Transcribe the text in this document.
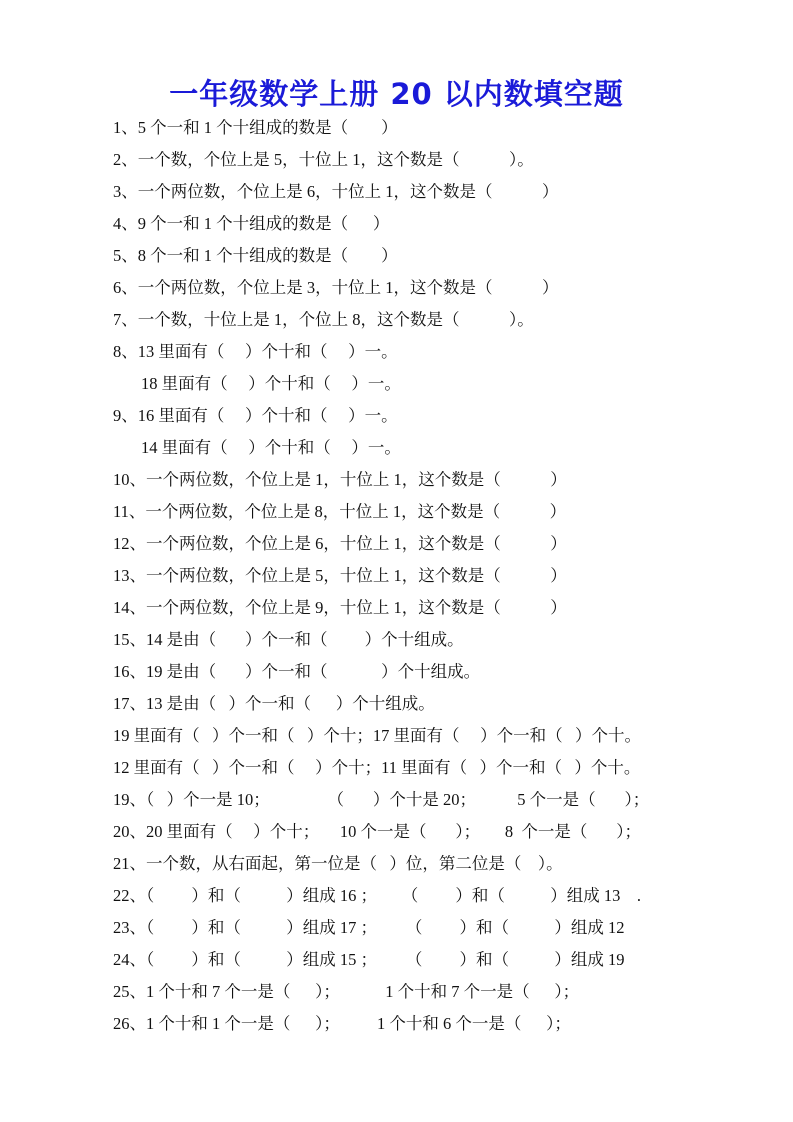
一年级数学上册 20 以内数填空题
1、5 个一和 1 个十组成的数是（        ）
2、一个数，个位上是 5，十位上 1，这个数是（            ）。
3、一个两位数，个位上是 6，十位上 1，这个数是（            ）
4、9 个一和 1 个十组成的数是（      ）
5、8 个一和 1 个十组成的数是（        ）
6、一个两位数，个位上是 3，十位上 1，这个数是（            ）
7、一个数，十位上是 1，个位上 8，这个数是（            ）。
8、13 里面有（     ）个十和（     ）一。
18 里面有（     ）个十和（     ）一。
9、16 里面有（     ）个十和（     ）一。
14 里面有（     ）个十和（     ）一。
10、一个两位数，个位上是 1，十位上 1，这个数是（            ）
11、一个两位数，个位上是 8，十位上 1，这个数是（            ）
12、一个两位数，个位上是 6，十位上 1，这个数是（            ）
13、一个两位数，个位上是 5，十位上 1，这个数是（            ）
14、一个两位数，个位上是 9，十位上 1，这个数是（            ）
15、14 是由（       ）个一和（         ）个十组成。
16、19 是由（       ）个一和（             ）个十组成。
17、13 是由（   ）个一和（      ）个十组成。
19 里面有（   ）个一和（   ）个十；17 里面有（     ）个一和（   ）个十。
12 里面有（   ）个一和（     ）个十；11 里面有（   ）个一和（   ）个十。
19、（   ）个一是 10；              （       ）个十是 20；          5 个一是（       ）；
20、20 里面有（     ）个十；     10 个一是（       ）；      8  个一是（       ）；
21、一个数，从右面起，第一位是（   ）位，第二位是（    ）。
22、（         ）和（           ）组成 16 ；      （         ）和（           ）组成 13    .
23、（         ）和（           ）组成 17 ；       （         ）和（           ）组成 12
24、（         ）和（           ）组成 15 ；       （         ）和（           ）组成 19
25、1 个十和 7 个一是（      ）；           1 个十和 7 个一是（      ）；
26、1 个十和 1 个一是（      ）；         1 个十和 6 个一是（      ）；
